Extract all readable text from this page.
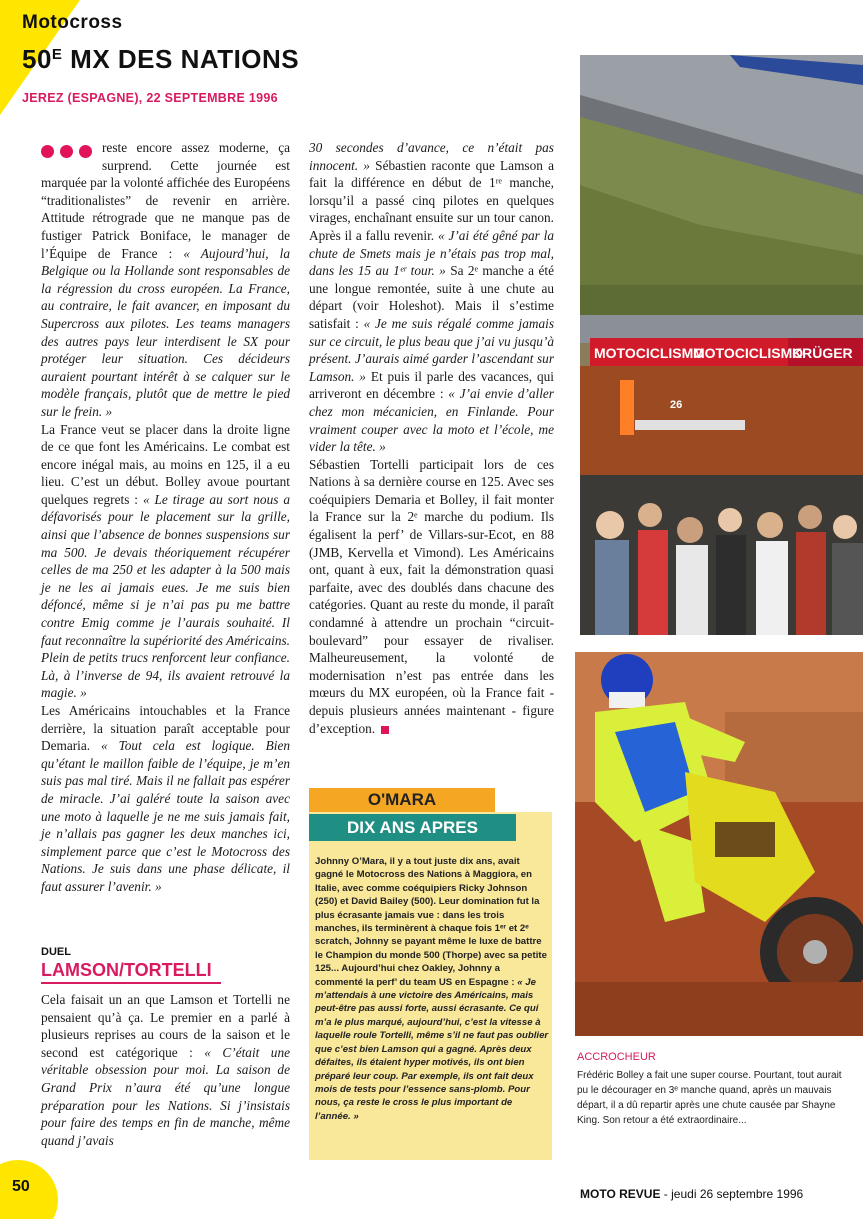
Motocross
$50^E$ MX DES NATIONS
JEREZ (ESPAGNE), 22 SEPTEMBRE 1996

reste encore assez moderne, ça surprend. Cette journée est marquée par la volonté affichée des Européens “traditionalistes” de revenir en arrière. Attitude rétrograde que ne manque pas de fustiger Patrick Boniface, le manager de l’Équipe de France : « Aujourd’hui, la Belgique ou la Hollande sont responsables de la régression du cross européen. La France, au contraire, le fait avancer, en imposant du Supercross aux pilotes. Les teams managers des autres pays leur interdisent le SX pour protéger leur situation. Ces décideurs auraient pourtant intérêt à se calquer sur le modèle français, plutôt que de mettre le pied sur le frein. »

La France veut se placer dans la droite ligne de ce que font les Américains. Le combat est encore inégal mais, au moins en 125, il a eu lieu. C’est un début. Bolley avoue pourtant quelques regrets : « Le tirage au sort nous a défavorisés pour le placement sur la grille, ainsi que l’absence de bonnes suspensions sur ma 500. Je devais théoriquement récupérer celles de ma 250 et les adapter à la 500 mais je ne les ai jamais eues. Je me suis bien défoncé, même si je n’ai pas pu me battre contre Emig comme je l’aurais souhaité. Il faut reconnaître la supériorité des Américains. Plein de petits trucs renforcent leur confiance. Là, à l’inverse de 94, ils avaient retrouvé la magie. »

Les Américains intouchables et la France derrière, la situation paraît acceptable pour Demaria. « Tout cela est logique. Bien qu’étant le maillon faible de l’équipe, je m’en suis pas mal tiré. Mais il ne fallait pas espérer de miracle. J’ai galéré toute la saison avec une moto à laquelle je ne me suis jamais fait, je n’allais pas gagner les deux manches ici, simplement parce que c’est le Motocross des Nations. Je suis dans une phase délicate, il faut assurer l’avenir. »

DUEL
LAMSON/TORTELLI

Cela faisait un an que Lamson et Tortelli ne pensaient qu’à ça. Le premier en a parlé à plusieurs reprises au cours de la saison et le second est catégorique : « C’était une véritable obsession pour moi. La saison de Grand Prix n’aura été qu’une longue préparation pour les Nations. Si j’insistais pour faire des temps en fin de manche, même quand j’avais

30 secondes d’avance, ce n’était pas innocent. » Sébastien raconte que Lamson a fait la différence en début de 1ʳᵉ manche, lorsqu’il a passé cinq pilotes en quelques virages, enchaînant ensuite sur un tour canon. Après il a fallu revenir. « J’ai été gêné par la chute de Smets mais je n’étais pas trop mal, dans les 15 au 1ᵉʳ tour. » Sa 2ᵉ manche a été une longue remontée, suite à une chute au départ (voir Holeshot). Mais il s’estime satisfait : « Je me suis régalé comme jamais sur ce circuit, le plus beau que j’ai vu jusqu’à présent. J’aurais aimé garder l’ascendant sur Lamson. » Et puis il parle des vacances, qui arriveront en décembre : « J’ai envie d’aller chez mon mécanicien, en Finlande. Pour vraiment couper avec la moto et l’école, me vider la tête. »

Sébastien Tortelli participait lors de ces Nations à sa dernière course en 125. Avec ses coéquipiers Demaria et Bolley, il fait monter la France sur la 2ᵉ marche du podium. Ils égalisent la perf’ de Villars-sur-Ecot, en 88 (JMB, Kervella et Vimond). Les Américains ont, quant à eux, fait la démonstration quasi parfaite, avec des doublés dans chacune des catégories. Quant au reste du monde, il paraît condamné à attendre un prochain “circuit-boulevard” pour essayer de rivaliser. Malheureusement, la volonté de modernisation n’est pas entrée dans les mœurs du MX européen, où la France fait - depuis plusieurs années maintenant - figure d’exception.

O'MARA
DIX ANS APRES
Johnny O’Mara, il y a tout juste dix ans, avait gagné le Motocross des Nations à Maggiora, en Italie, avec comme coéquipiers Ricky Johnson (250) et David Bailey (500). Leur domination fut la plus écrasante jamais vue : dans les trois manches, ils terminèrent à chaque fois 1ᵉʳ et 2ᵉ scratch, Johnny se payant même le luxe de battre le Champion du monde 500 (Thorpe) avec sa petite 125... Aujourd’hui chez Oakley, Johnny a commenté la perf’ du team US en Espagne : « Je m’attendais à une victoire des Américains, mais peut-être pas aussi forte, aussi écrasante. Ce qui m’a le plus marqué, aujourd’hui, c’est la vitesse à laquelle roule Tortelli, même s’il ne faut pas oublier que c’est bien Lamson qui a gagné. Après deux défaites, ils étaient hyper motivés, ils ont bien préparé leur coup. Par exemple, ils ont fait deux mois de tests pour l’essence sans-plomb. Pour nous, ça reste le cross le plus important de l’année. »
MOTOCICLISMO
MOTOCICLISMO
KRÜGER
26
ACCROCHEUR
Frédéric Bolley a fait une super course. Pourtant, tout aurait pu le décourager en 3ᵉ manche quand, après un mauvais départ, il a dû repartir après une chute causée par Shayne King. Son retour a été extraordinaire...
50	MOTO REVUE - jeudi 26 septembre 1996
